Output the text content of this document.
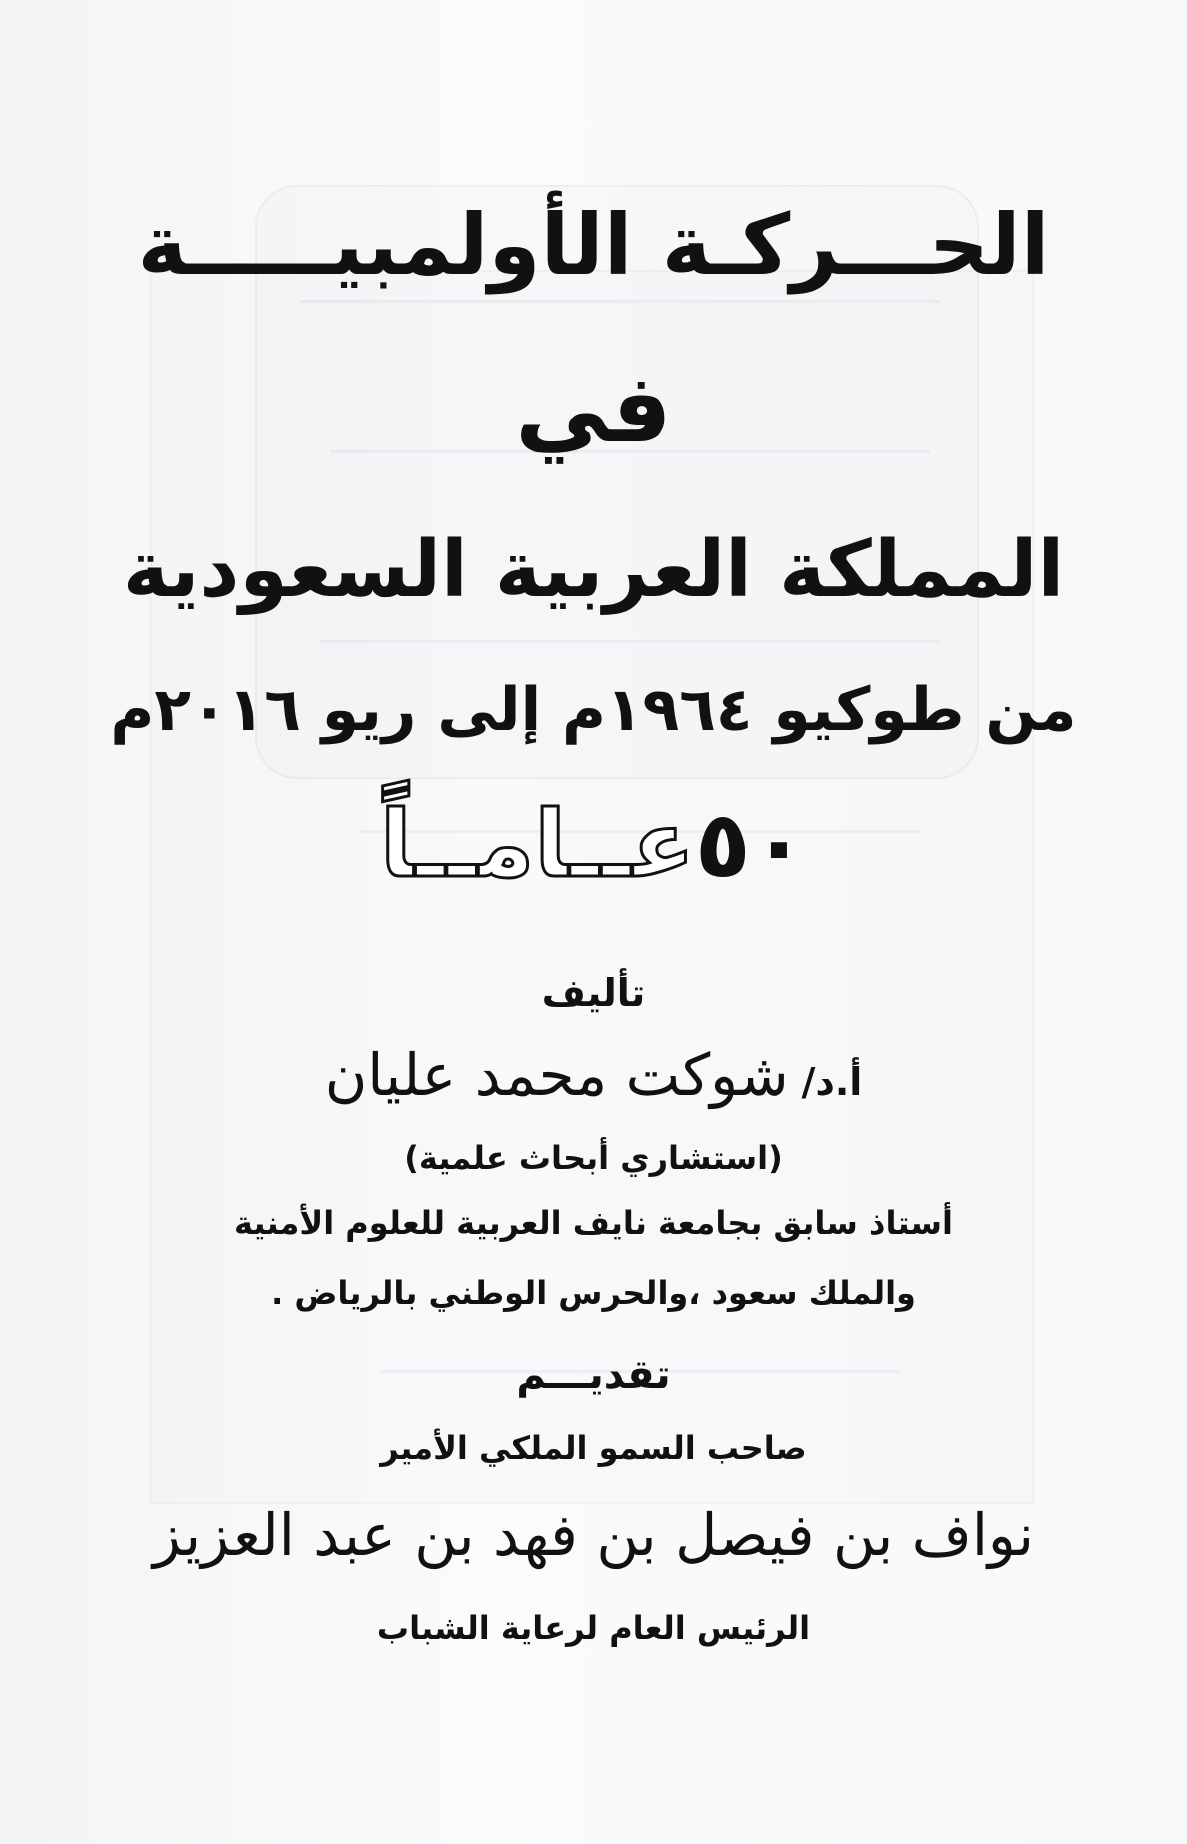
الحـــركـة الأولمبيـــــة
في
المملكة العربية السعودية
من طوكيو ١٩٦٤م إلى ريو ٢٠١٦م
٥٠عــامــاً
تأليف
أ.د/ شوكت محمد عليان
(استشاري أبحاث علمية)
أستاذ سابق بجامعة نايف العربية للعلوم الأمنية
والملك سعود ،والحرس الوطني بالرياض .
تقديـــم
صاحب السمو الملكي الأمير
نواف بن فيصل بن فهد بن عبد العزيز
الرئيس العام لرعاية الشباب
